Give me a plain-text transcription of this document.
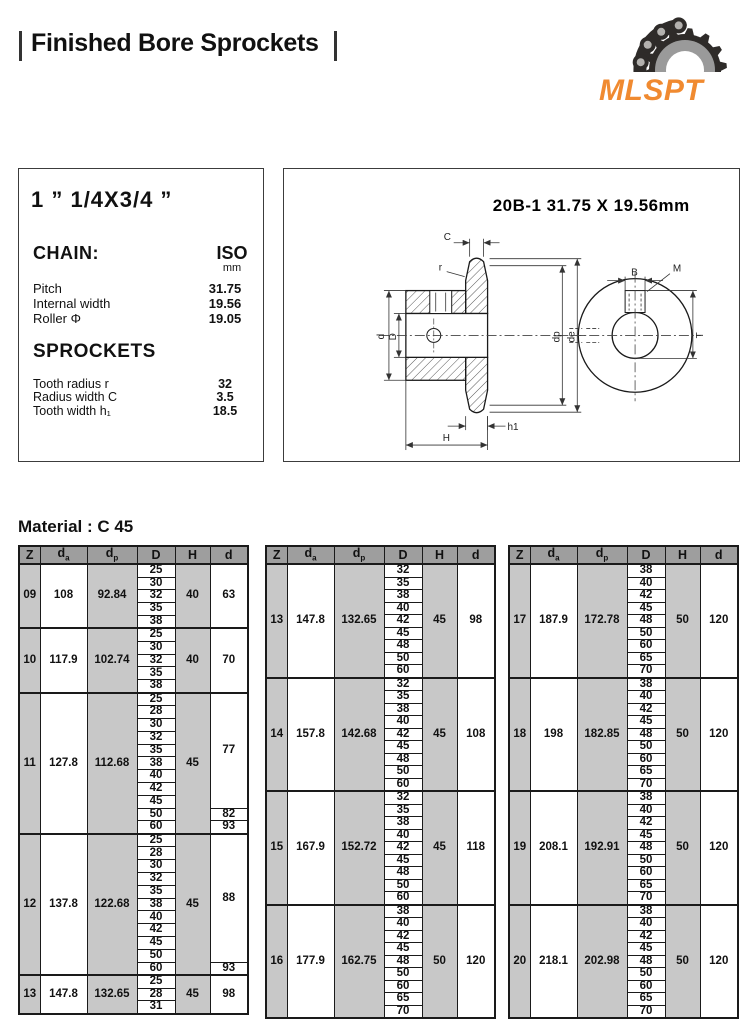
Finished Bore Sprockets
MLSPT
1 ” 1/4X3/4 ”
CHAIN:	ISO
mm
Pitch	31.75
Internal width	19.56
Roller Φ	19.05
SPROCKETS
Tooth radius r	32
Radius width C	3.5
Tooth width h₁	18.5
20B-1 31.75 X 19.56mm
C
r
d D	dp de
h1
H
B	M
T
Material : C 45
Z	$d_a$	$d_p$	D	H	d
09	108	92.84	25	40	63
			30		
			32		
			35		
			38		
10	117.9	102.74	25	40	70
			30		
			32		
			35		
			38		
11	127.8	112.68	25	45	77
			28		
			30		
			32		
			35		
			38		
			40		
			42		
			45		
			50		82
			60		93
12	137.8	122.68	25	45	88
			28		
			30		
			32		
			35		
			38		
			40		
			42		
			45		
			50		
			60		93
13	147.8	132.65	25	45	98
			28		
			31		
Z	$d_a$	$d_p$	D	H	d
13	147.8	132.65	32	45	98
			35		
			38		
			40		
			42		
			45		
			48		
			50		
			60		
14	157.8	142.68	32	45	108
			35		
			38		
			40		
			42		
			45		
			48		
			50		
			60		
15	167.9	152.72	32	45	118
			35		
			38		
			40		
			42		
			45		
			48		
			50		
			60		
16	177.9	162.75	38	50	120
			40		
			42		
			45		
			48		
			50		
			60		
			65		
			70		
Z	$d_a$	$d_p$	D	H	d
17	187.9	172.78	38	50	120
			40		
			42		
			45		
			48		
			50		
			60		
			65		
			70		
18	198	182.85	38	50	120
			40		
			42		
			45		
			48		
			50		
			60		
			65		
			70		
19	208.1	192.91	38	50	120
			40		
			42		
			45		
			48		
			50		
			60		
			65		
			70		
20	218.1	202.98	38	50	120
			40		
			42		
			45		
			48		
			50		
			60		
			65		
			70		
